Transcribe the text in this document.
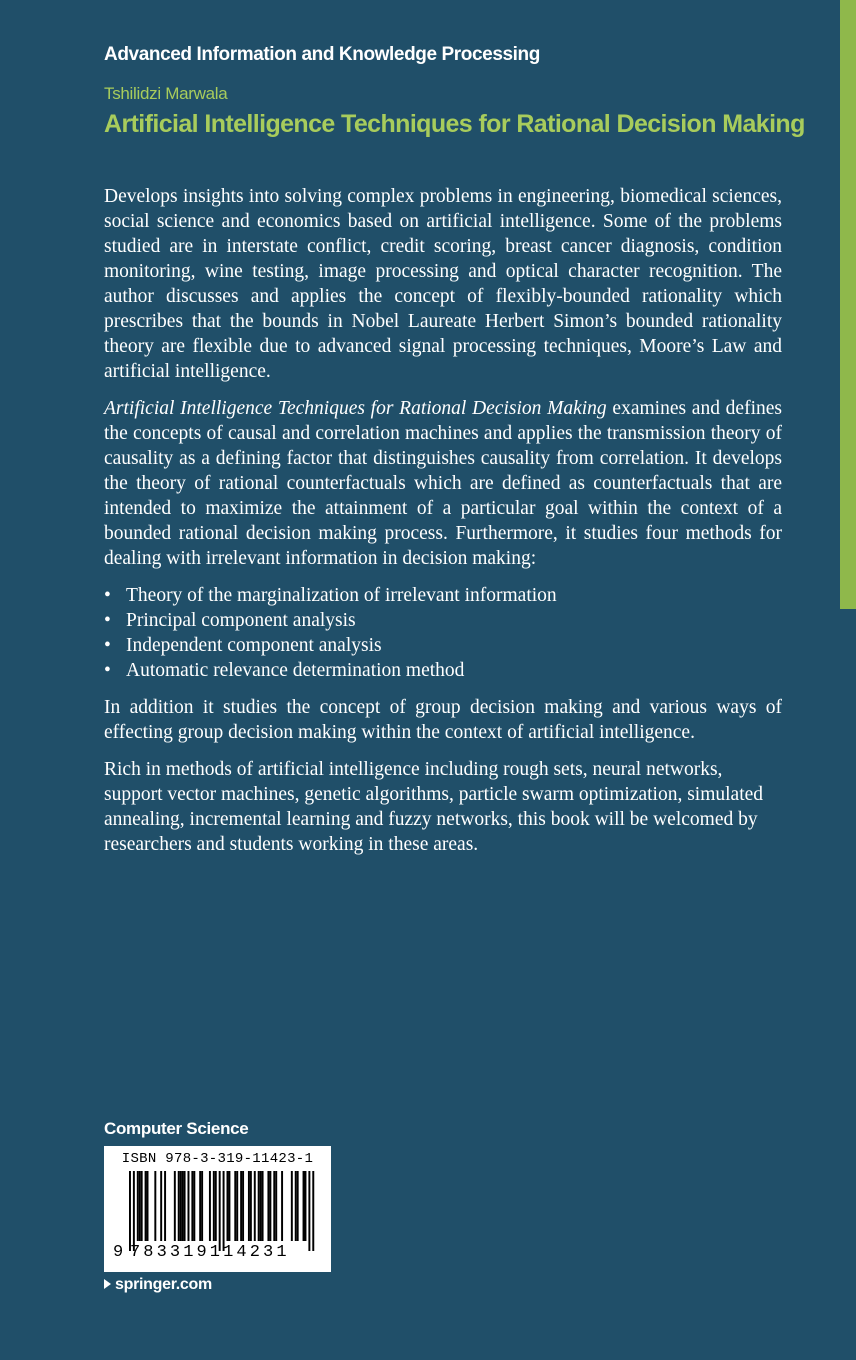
Advanced Information and Knowledge Processing
Tshilidzi Marwala
Artificial Intelligence Techniques for Rational Decision Making

Develops insights into solving complex problems in engineering, biomedical sciences, social science and economics based on artificial intelligence. Some of the problems studied are in interstate conflict, credit scoring, breast cancer diagnosis, condition monitoring, wine testing, image processing and optical character recognition. The author discusses and applies the concept of flexibly-bounded rationality which prescribes that the bounds in Nobel Laureate Herbert Simon’s bounded rationality theory are flexible due to advanced signal processing techniques, Moore’s Law and artificial intelligence.

Artificial Intelligence Techniques for Rational Decision Making examines and defines the concepts of causal and correlation machines and applies the transmission theory of causality as a defining factor that distinguishes causality from correlation. It develops the theory of rational counterfactuals which are defined as counterfactuals that are intended to maximize the attainment of a particular goal within the context of a bounded rational decision making process. Furthermore, it studies four methods for dealing with irrelevant information in decision making:

• Theory of the marginalization of irrelevant information
• Principal component analysis
• Independent component analysis
• Automatic relevance determination method

In addition it studies the concept of group decision making and various ways of effecting group decision making within the context of artificial intelligence.

Rich in methods of artificial intelligence including rough sets, neural networks, support vector machines, genetic algorithms, particle swarm optimization, simulated annealing, incremental learning and fuzzy networks, this book will be welcomed by researchers and students working in these areas.

Computer Science
ISBN 978-3-319-11423-1
9 783319114231
springer.com
